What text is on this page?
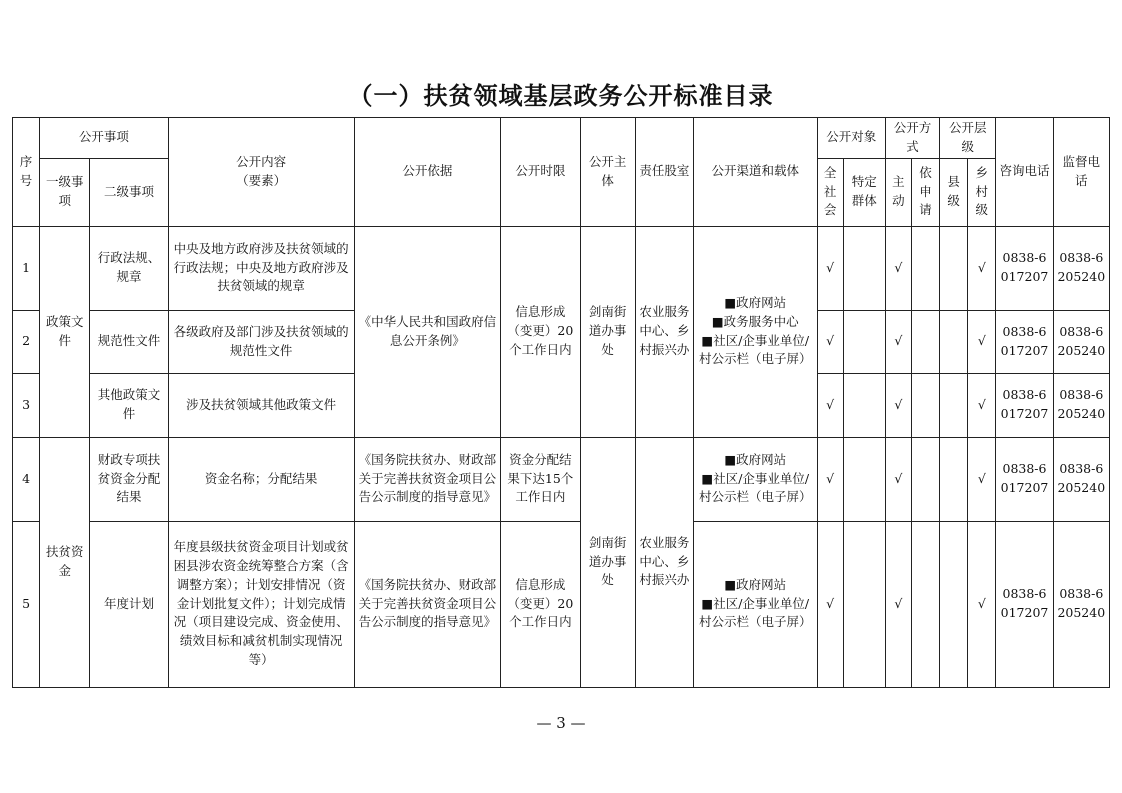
（一）扶贫领域基层政务公开标准目录
序号	公开事项		公开内容
（要素）	公开依据	公开时限	公开主体	责任股室	公开渠道和载体	公开对象		公开方式		公开层级		咨询电话	监督电话
	一级事项	二级事项							全社会	特定群体	主动	依申请	县级	乡村级		
1	政策文件	行政法规、规章	中央及地方政府涉及扶贫领域的行政法规；中央及地方政府涉及扶贫领域的规章	《中华人民共和国政府信息公开条例》	信息形成（变更）20个工作日内	剑南街道办事处	农业服务中心、乡村振兴办	■政府网站
■政务服务中心
■社区/企事业单位/村公示栏（电子屏）	√		√			√	0838-6017207	0838-6205240
2		规范性文件	各级政府及部门涉及扶贫领域的规范性文件						√		√			√	0838-6017207	0838-6205240
3		其他政策文件	涉及扶贫领域其他政策文件						√		√			√	0838-6017207	0838-6205240
4	扶贫资金	财政专项扶贫资金分配结果	资金名称；分配结果	《国务院扶贫办、财政部关于完善扶贫资金项目公告公示制度的指导意见》	资金分配结果下达15个工作日内	剑南街道办事处	农业服务中心、乡村振兴办	■政府网站
■社区/企事业单位/村公示栏（电子屏）	√		√			√	0838-6017207	0838-6205240
5		年度计划	年度县级扶贫资金项目计划或贫困县涉农资金统筹整合方案（含调整方案）；计划安排情况（资金计划批复文件）；计划完成情况（项目建设完成、资金使用、绩效目标和减贫机制实现情况等）	《国务院扶贫办、财政部关于完善扶贫资金项目公告公示制度的指导意见》	信息形成（变更）20个工作日内			■政府网站
■社区/企事业单位/村公示栏（电子屏）	√		√			√	0838-6017207	0838-6205240
— 3 —
